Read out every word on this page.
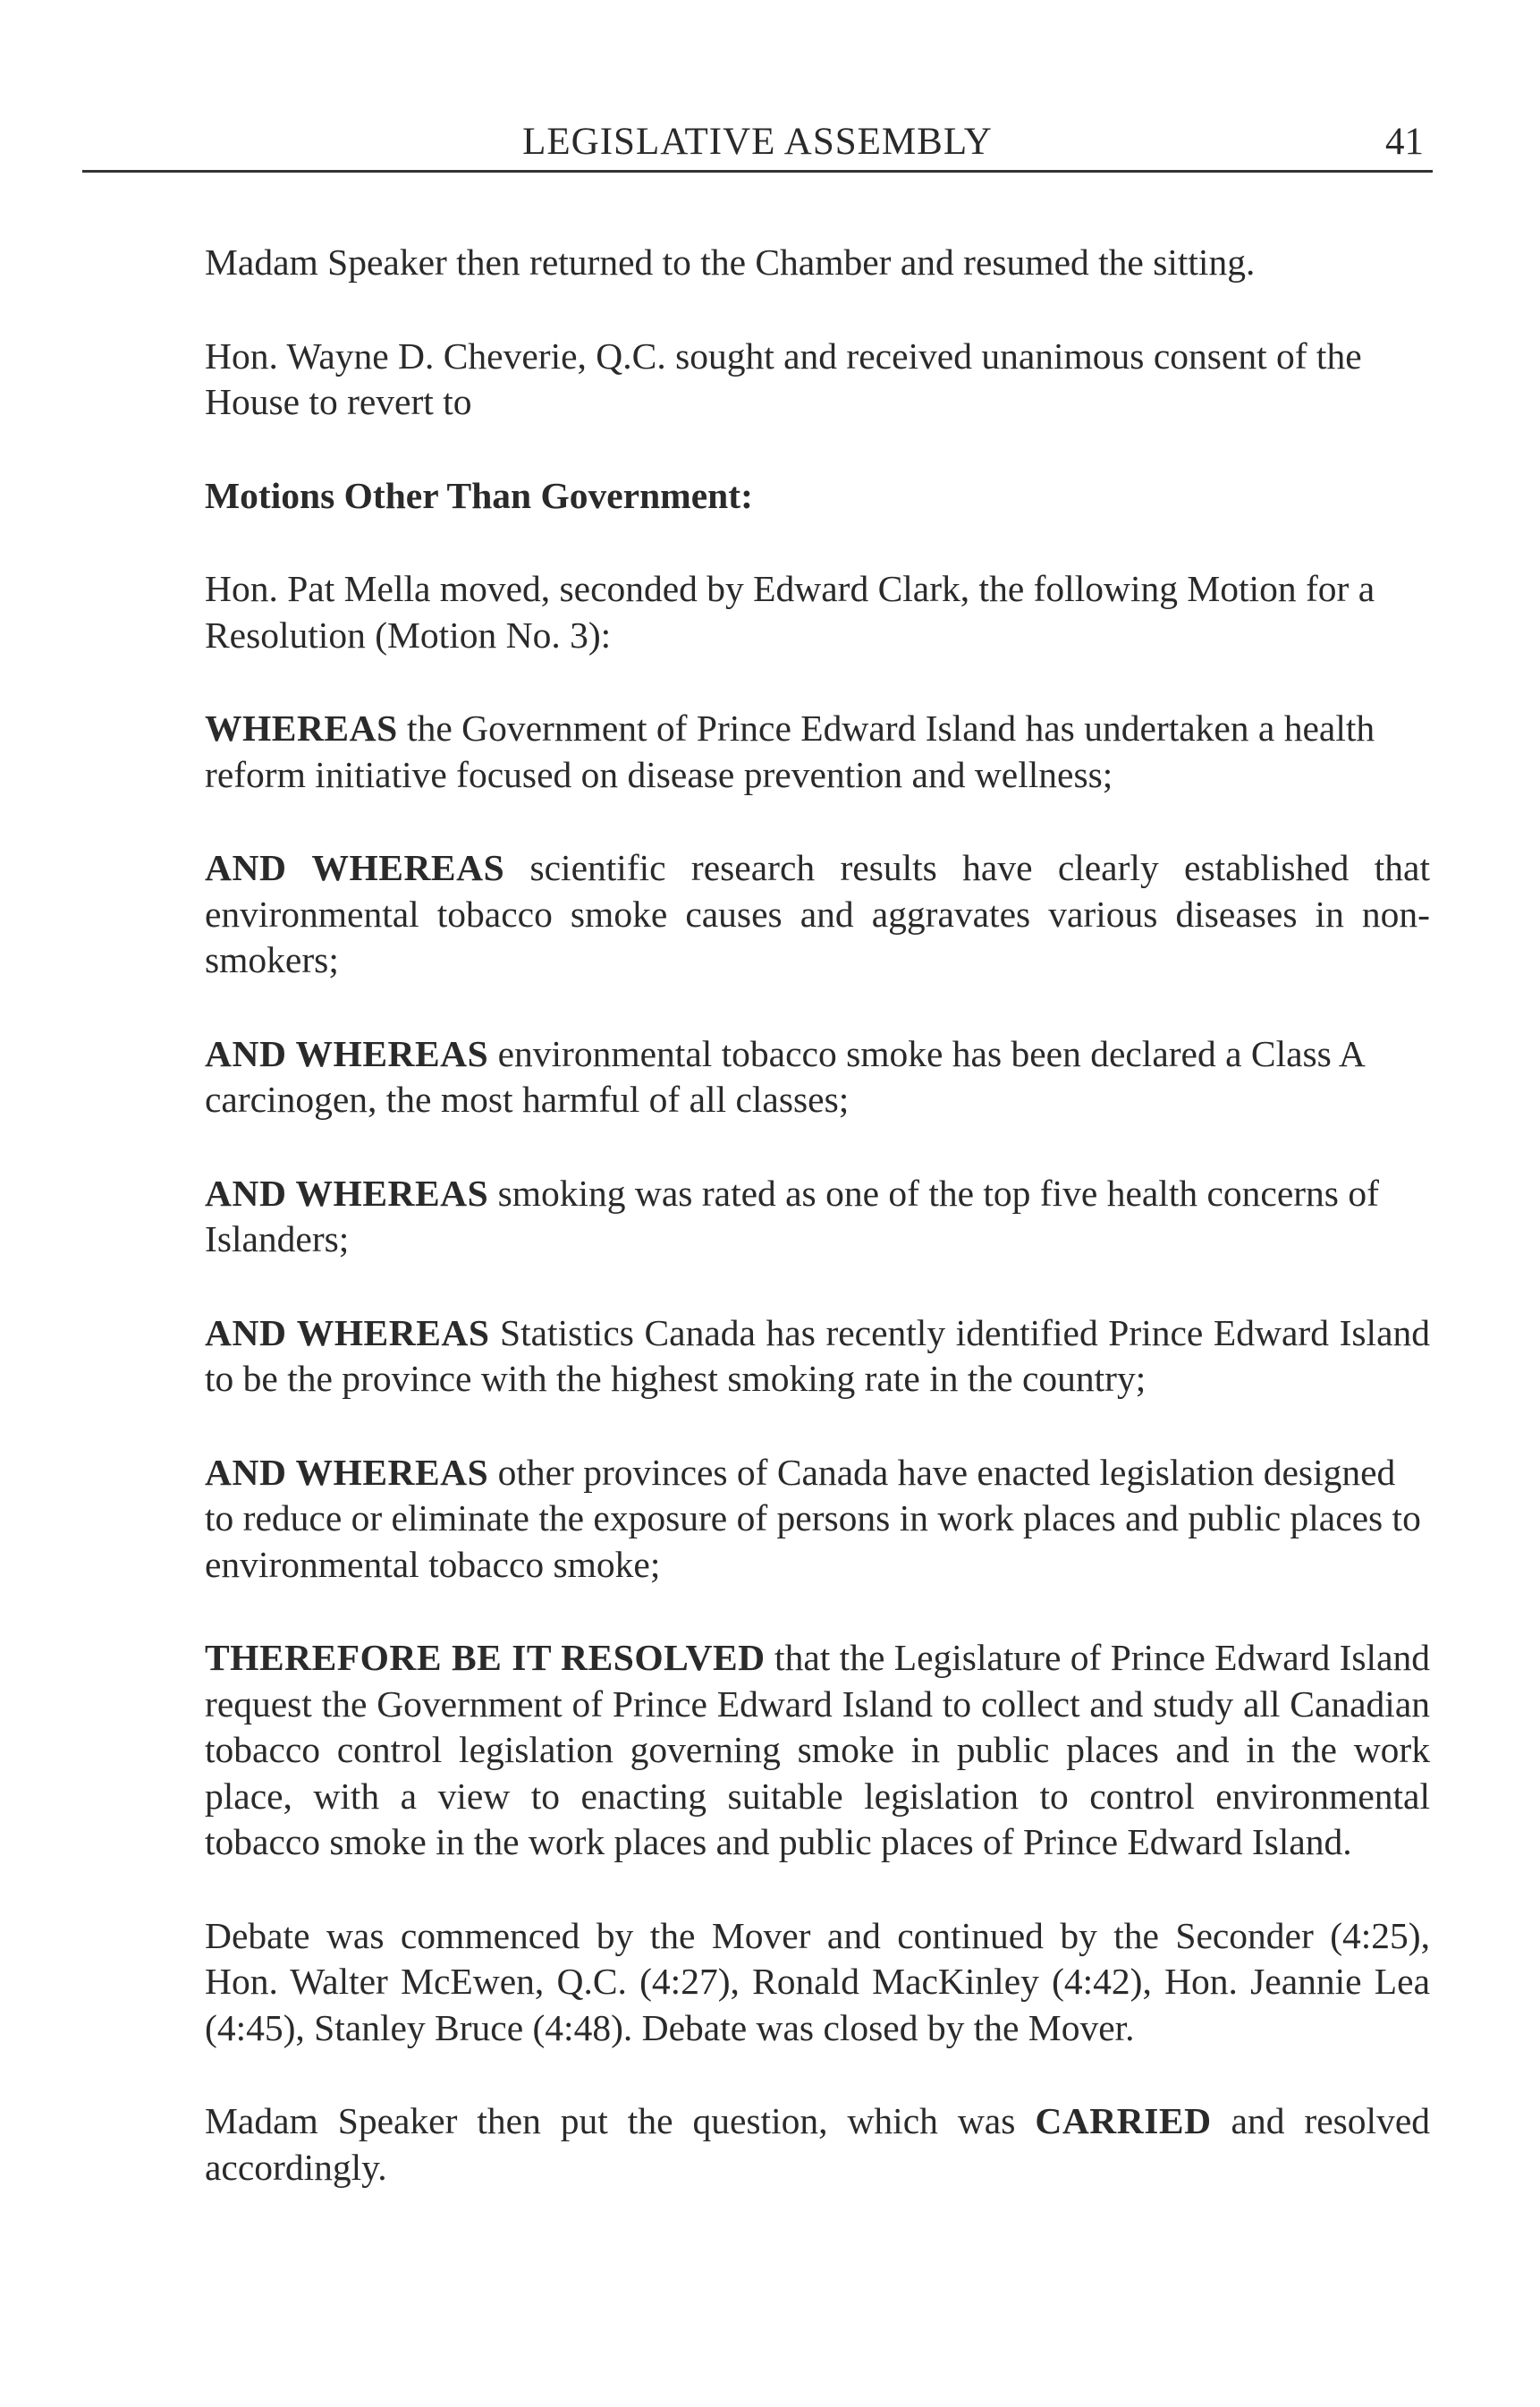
LEGISLATIVE ASSEMBLY	41

Madam Speaker then returned to the Chamber and resumed the sitting.

Hon. Wayne D. Cheverie, Q.C. sought and received unanimous consent of the House to revert to

Motions Other Than Government:

Hon. Pat Mella moved, seconded by Edward Clark, the following Motion for a Resolution (Motion No. 3):

WHEREAS the Government of Prince Edward Island has undertaken a health reform initiative focused on disease prevention and wellness;

AND WHEREAS scientific research results have clearly established that environmental tobacco smoke causes and aggravates various diseases in non-smokers;

AND WHEREAS environmental tobacco smoke has been declared a Class A carcinogen, the most harmful of all classes;

AND WHEREAS smoking was rated as one of the top five health concerns of Islanders;

AND WHEREAS Statistics Canada has recently identified Prince Edward Island to be the province with the highest smoking rate in the country;

AND WHEREAS other provinces of Canada have enacted legislation designed to reduce or eliminate the exposure of persons in work places and public places to environmental tobacco smoke;

THEREFORE BE IT RESOLVED that the Legislature of Prince Edward Island request the Government of Prince Edward Island to collect and study all Canadian tobacco control legislation governing smoke in public places and in the work place, with a view to enacting suitable legislation to control environmental tobacco smoke in the work places and public places of Prince Edward Island.

Debate was commenced by the Mover and continued by the Seconder (4:25), Hon. Walter McEwen, Q.C. (4:27), Ronald MacKinley (4:42), Hon. Jeannie Lea (4:45), Stanley Bruce (4:48). Debate was closed by the Mover.

Madam Speaker then put the question, which was CARRIED and resolved accordingly.
